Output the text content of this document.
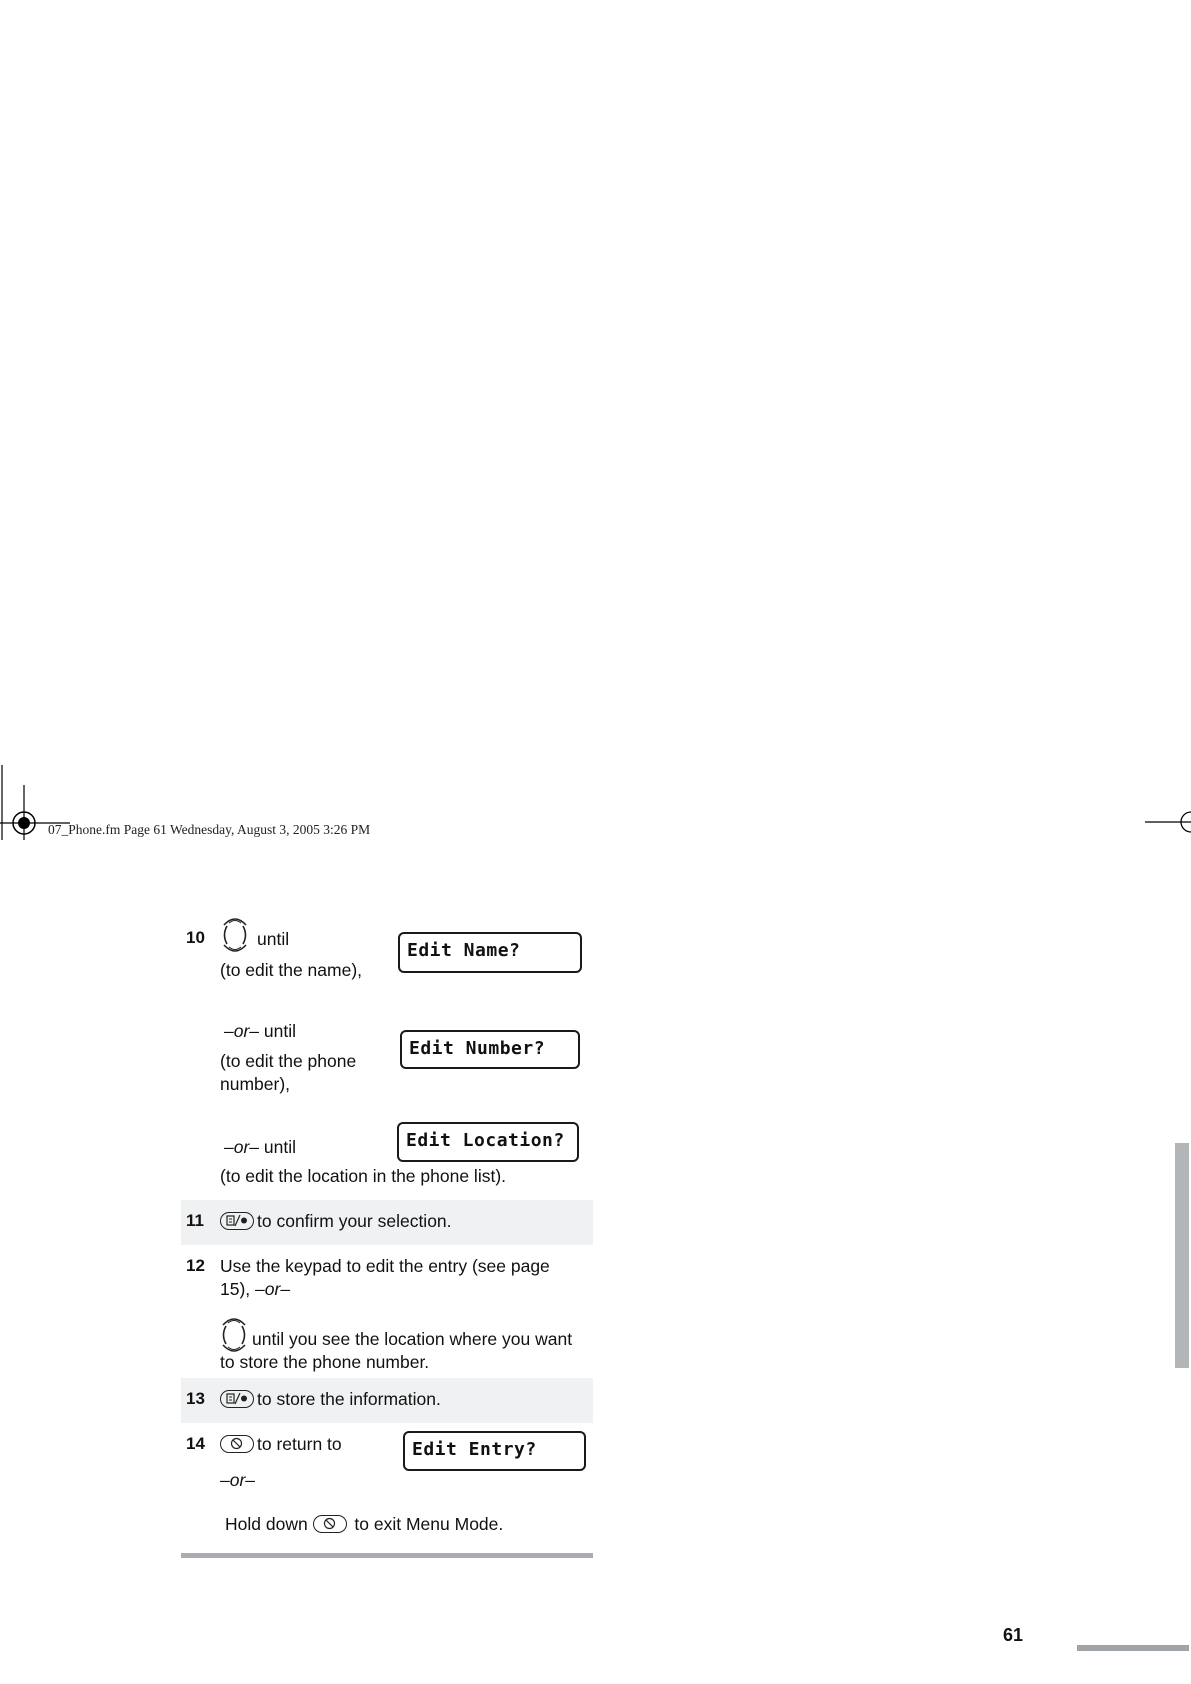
07_Phone.fm Page 61 Wednesday, August 3, 2005 3:26 PM
10	until
(to edit the name),
Edit Name?
–or– until
(to edit the phone
number),
Edit Number?
–or– until	Edit Location?
(to edit the location in the phone list).
11	to confirm your selection.
12 Use the keypad to edit the entry (see page
15), –or–
until you see the location where you want
to store the phone number.
13	to store the information.
14	to return to	Edit Entry?
–or–
Hold down
to exit Menu Mode.
61
